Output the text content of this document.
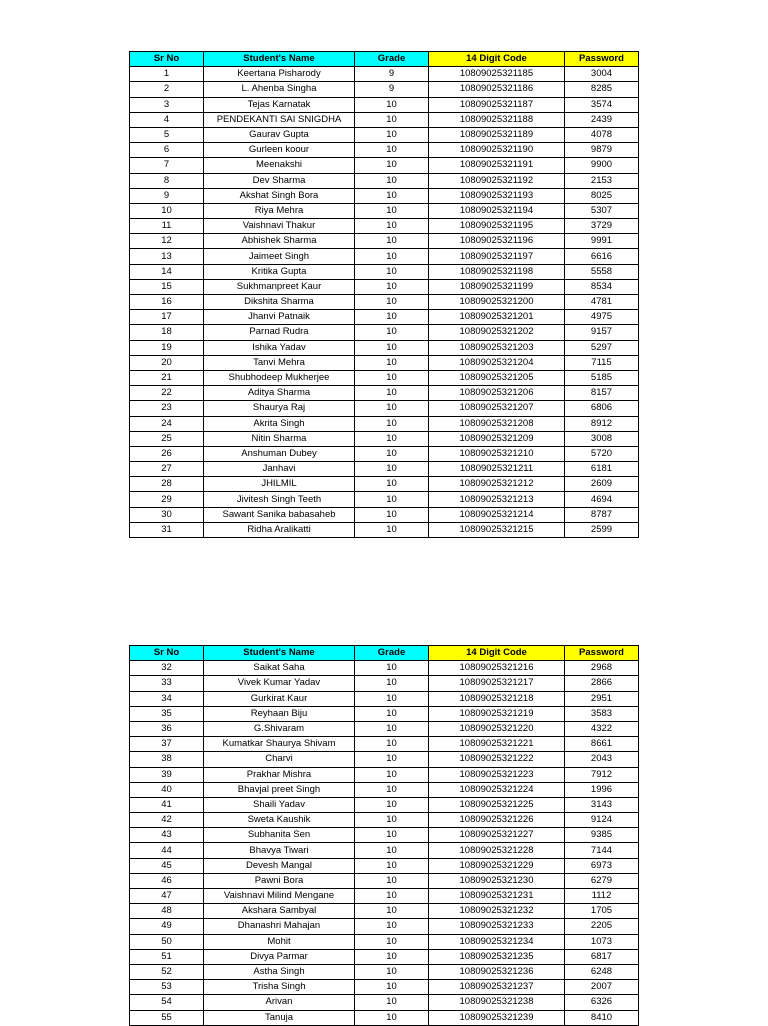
Sr No	Student's Name	Grade	14 Digit Code	Password
1	Keertana Pisharody	9	10809025321185	3004
2	L. Ahenba Singha	9	10809025321186	8285
3	Tejas Karnatak	10	10809025321187	3574
4	PENDEKANTI SAI SNIGDHA	10	10809025321188	2439
5	Gaurav Gupta	10	10809025321189	4078
6	Gurleen koour	10	10809025321190	9879
7	Meenakshi	10	10809025321191	9900
8	Dev Sharma	10	10809025321192	2153
9	Akshat Singh Bora	10	10809025321193	8025
10	Riya Mehra	10	10809025321194	5307
11	Vaishnavi Thakur	10	10809025321195	3729
12	Abhishek Sharma	10	10809025321196	9991
13	Jaimeet Singh	10	10809025321197	6616
14	Kritika Gupta	10	10809025321198	5558
15	Sukhmanpreet Kaur	10	10809025321199	8534
16	Dikshita Sharma	10	10809025321200	4781
17	Jhanvi Patnaik	10	10809025321201	4975
18	Parnad Rudra	10	10809025321202	9157
19	Ishika Yadav	10	10809025321203	5297
20	Tanvi Mehra	10	10809025321204	7115
21	Shubhodeep Mukherjee	10	10809025321205	5185
22	Aditya Sharma	10	10809025321206	8157
23	Shaurya Raj	10	10809025321207	6806
24	Akrita Singh	10	10809025321208	8912
25	Nitin Sharma	10	10809025321209	3008
26	Anshuman Dubey	10	10809025321210	5720
27	Janhavi	10	10809025321211	6181
28	JHILMIL	10	10809025321212	2609
29	Jivitesh Singh Teeth	10	10809025321213	4694
30	Sawant Sanika babasaheb	10	10809025321214	8787
31	Ridha Aralikatti	10	10809025321215	2599
Sr No	Student's Name	Grade	14 Digit Code	Password
32	Saikat Saha	10	10809025321216	2968
33	Vivek Kumar Yadav	10	10809025321217	2866
34	Gurkirat Kaur	10	10809025321218	2951
35	Reyhaan Biju	10	10809025321219	3583
36	G.Shivaram	10	10809025321220	4322
37	Kumatkar Shaurya Shivam	10	10809025321221	8661
38	Charvi	10	10809025321222	2043
39	Prakhar Mishra	10	10809025321223	7912
40	Bhavjal preet Singh	10	10809025321224	1996
41	Shaili Yadav	10	10809025321225	3143
42	Sweta Kaushik	10	10809025321226	9124
43	Subhanita Sen	10	10809025321227	9385
44	Bhavya Tiwari	10	10809025321228	7144
45	Devesh Mangal	10	10809025321229	6973
46	Pawni Bora	10	10809025321230	6279
47	Vaishnavi Milind Mengane	10	10809025321231	1112
48	Akshara Sambyal	10	10809025321232	1705
49	Dhanashri Mahajan	10	10809025321233	2205
50	Mohit	10	10809025321234	1073
51	Divya Parmar	10	10809025321235	6817
52	Astha Singh	10	10809025321236	6248
53	Trisha Singh	10	10809025321237	2007
54	Arivan	10	10809025321238	6326
55	Tanuja	10	10809025321239	8410
